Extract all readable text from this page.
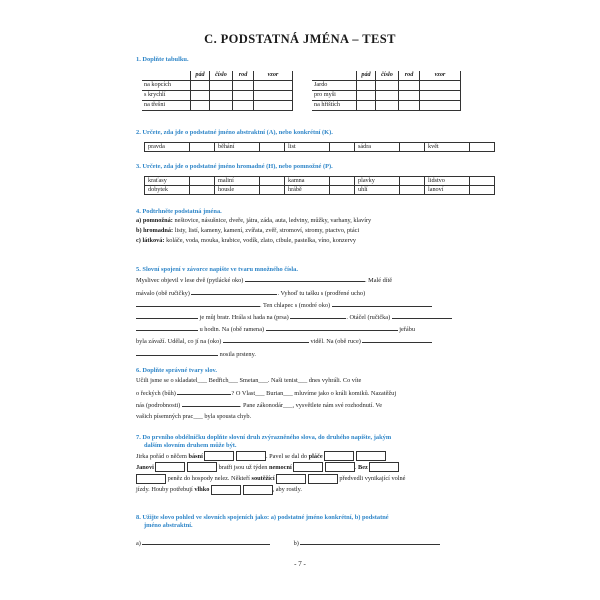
C. PODSTATNÁ JMÉNA – TEST
1. Doplňte tabulku.
	pád	číslo	rod	vzor
na kopcích				
s krychlí				
na třešni				
	pád	číslo	rod	vzor
Jardo				
pro myši				
na hřištích				
2. Určete, zda jde o podstatné jméno abstraktní (A), nebo konkrétní (K).
pravda		běhání		list		sádra		květ	
3. Určete, zda jde o podstatné jméno hromadné (H), nebo pomnožné (P).
kraťasy		maliní		kamna		plavky		lidstvo	
dobytek		housle		hrábě		uhlí		lanoví	
4. Podtrhněte podstatná jména.
a) pomnožná: neštovice, násušnice, dveře, játra, záda, auta, ledviny, můžky, varhany, klavíry
b) hromadná: listy, listí, kameny, kamení, zvířata, zvěř, stromoví, stromy, ptactvo, ptáci
c) látková: koláče, voda, mouka, krabice, vodík, zlato, cibule, pastelka, víno, konzervy
5. Slovní spojení v závorce napište ve tvaru množného čísla.
Myslivec objevil v lese dvě (pytlácké oko)	. Malé dítě
mávalo (obě ručičky)	. Vyhoď tu tašku s (prodřené ucho)
. Ten chlapec s (modré oko)
je můj bratr. Hrála si hada na (prsa)	. Otáčel (ručička)
u hodin. Na (obě ramena)	jeřábu
byla závaží. Udělal, co jí na (oko)	viděl. Na (obě ruce)
nosila prsteny.
6. Doplňte správné tvary slov.
Učili jsme se o skladatel___ Bedřich___ Smetan___. Naši tenist___ dnes vyhráli. Co víte
o řeckých (bůh)	? O Vlast___ Burian___ mluvíme jako o králi komiků. Nazatěžuj
nás (podrobnosti)	. Pane zákonodár___, vysvětlete nám své rozhodnutí. Ve
vašich písemných prac___ byla spousta chyb.
7. Do prvního obdélníčku doplňte slovní druh zvýrazněného slova, do druhého napište, jakým
dalším slovním druhem může být.
Jirka pořád o něčem básní	. Pavel se dal do pláče
Janovi	bratři jsou už týden nemocní	. Bez
peněz do hospody nelez. Někteří soutěžící	předvedli vynikající volné
jízdy. Houby potřebují vlhko	, aby rostly.
8. Užijte slovo pohled ve slovních spojeních jako: a) podstatné jméno konkrétní, b) podstatné
jméno abstraktní.
a)	b)
- 7 -
